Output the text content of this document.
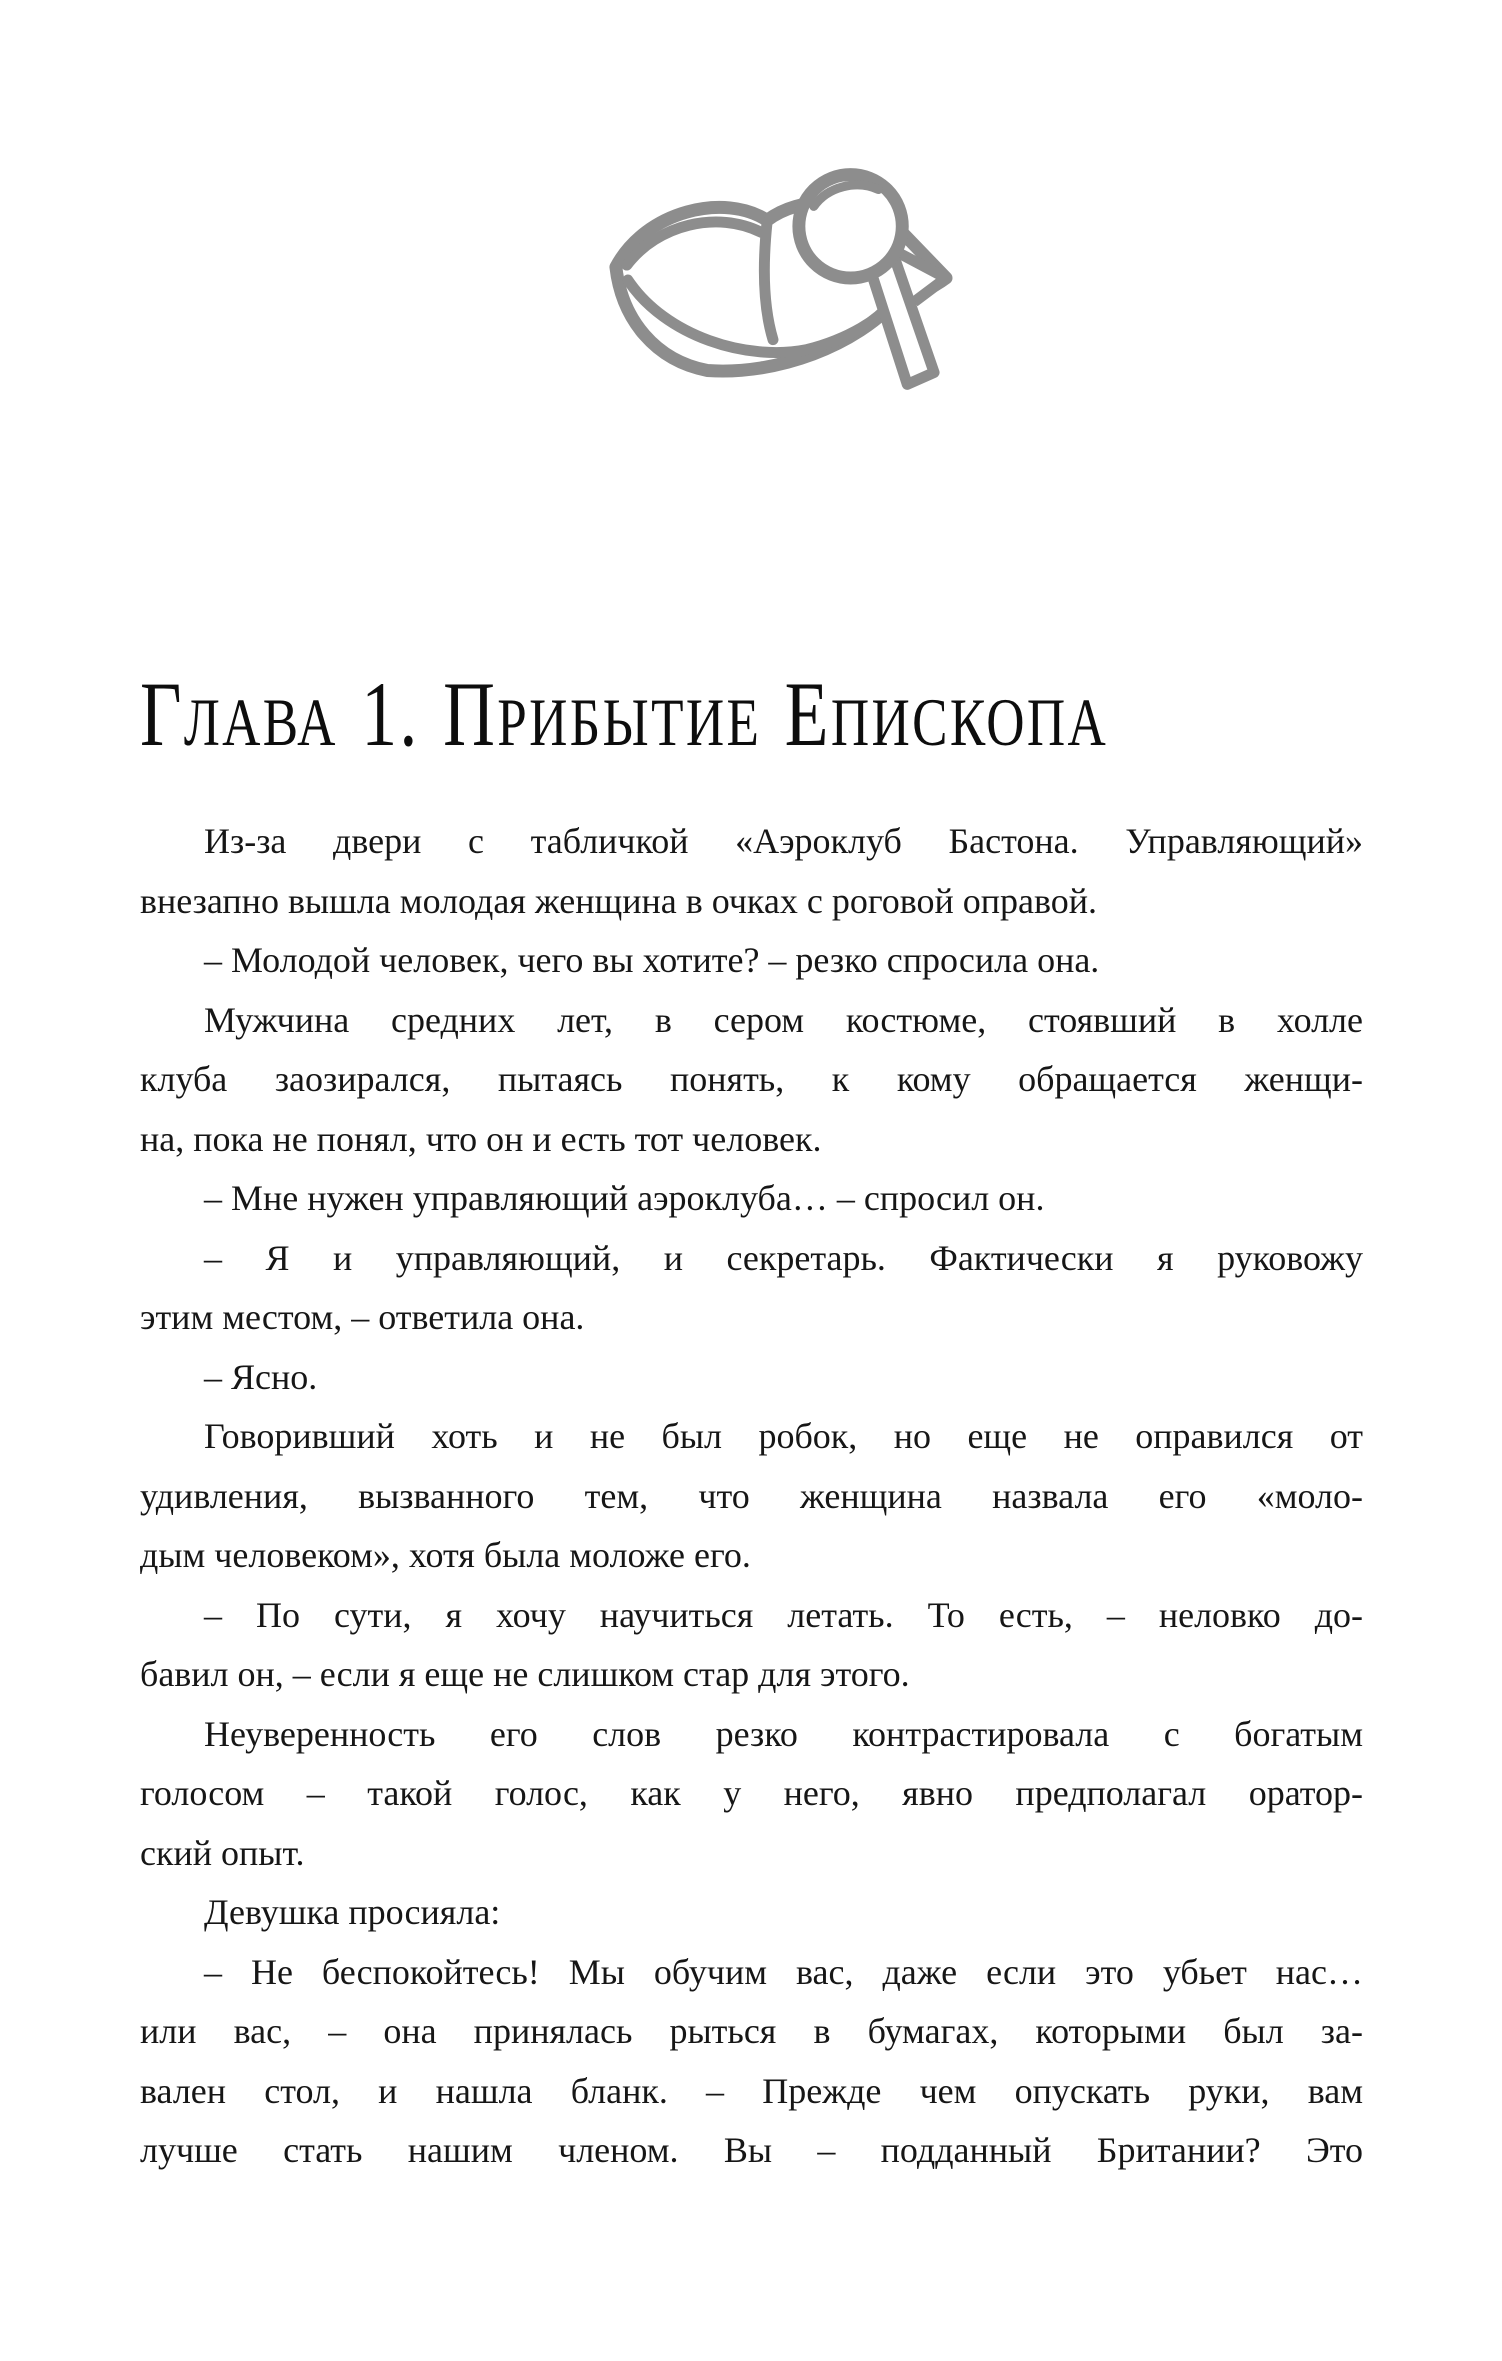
ГЛАВА 1. ПРИБЫТИЕ ЕПИСКОПА
Из-за двери с табличкой «Аэроклуб Бастона. Управляющий»
внезапно вышла молодая женщина в очках с роговой оправой.
– Молодой человек, чего вы хотите? – резко спросила она.
Мужчина средних лет, в сером костюме, стоявший в холле
клуба заозирался, пытаясь понять, к кому обращается женщи-
на, пока не понял, что он и есть тот человек.
– Мне нужен управляющий аэроклуба… – спросил он.
– Я и управляющий, и секретарь. Фактически я руковожу
этим местом, – ответила она.
– Ясно.
Говоривший хоть и не был робок, но еще не оправился от
удивления, вызванного тем, что женщина назвала его «моло-
дым человеком», хотя была моложе его.
– По сути, я хочу научиться летать. То есть, – неловко до-
бавил он, – если я еще не слишком стар для этого.
Неуверенность его слов резко контрастировала с богатым
голосом – такой голос, как у него, явно предполагал оратор-
ский опыт.
Девушка просияла:
– Не беспокойтесь! Мы обучим вас, даже если это убьет нас…
или вас, – она принялась рыться в бумагах, которыми был за-
вален стол, и нашла бланк. – Прежде чем опускать руки, вам
лучше стать нашим членом. Вы – подданный Британии? Это
